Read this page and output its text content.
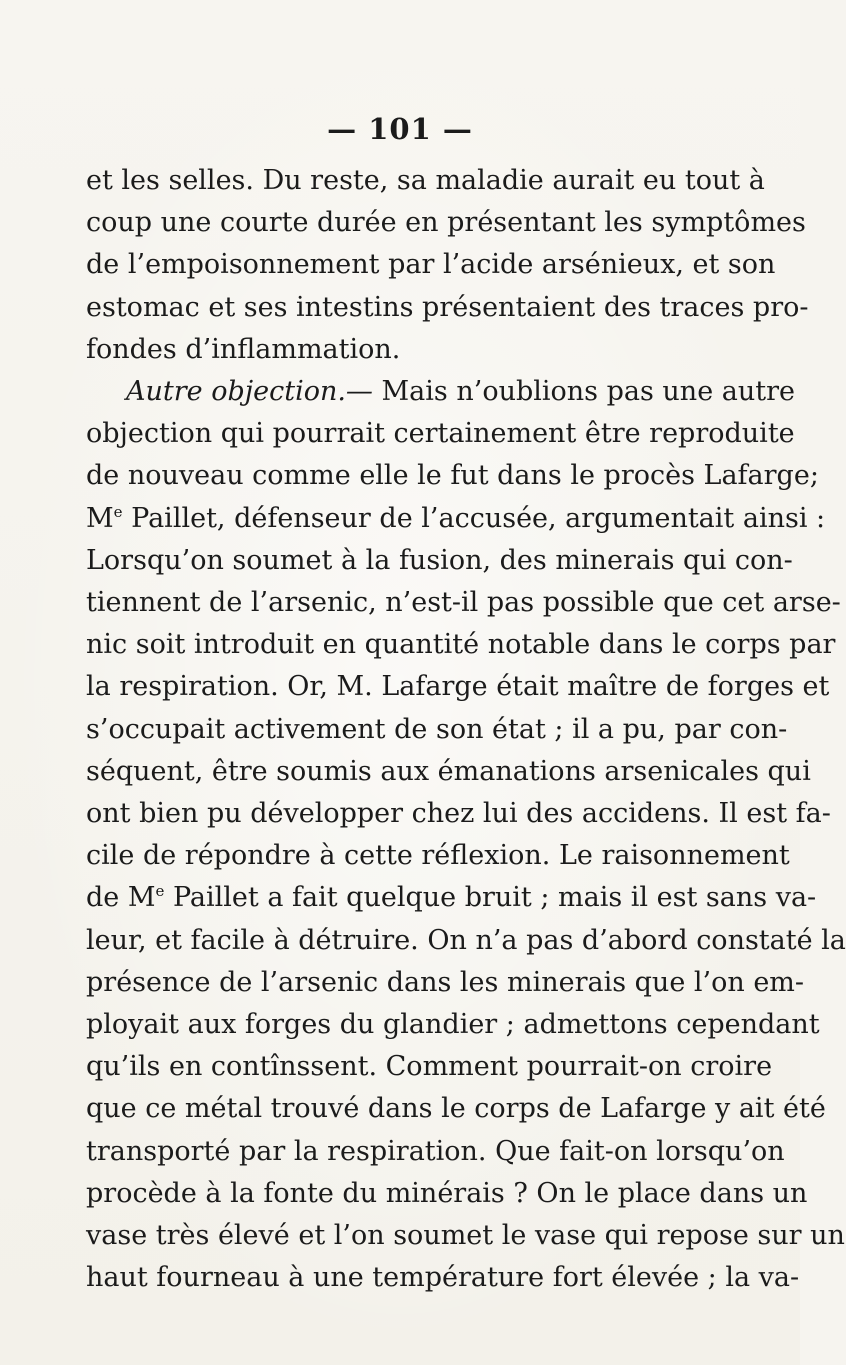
— 101 —
et les selles. Du reste, sa maladie aurait eu tout à
coup une courte durée en présentant les symptômes
de l’empoisonnement par l’acide arsénieux, et son
estomac et ses intestins présentaient des traces pro-
fondes d’inflammation.
Autre objection.— Mais n’oublions pas une autre
objection qui pourrait certainement être reproduite
de nouveau comme elle le fut dans le procès Lafarge;
Me Paillet, défenseur de l’accusée, argumentait ainsi :
Lorsqu’on soumet à la fusion, des minerais qui con-
tiennent de l’arsenic, n’est-il pas possible que cet arse-
nic soit introduit en quantité notable dans le corps par
la respiration. Or, M. Lafarge était maître de forges et
s’occupait activement de son état ; il a pu, par con-
séquent, être soumis aux émanations arsenicales qui
ont bien pu développer chez lui des accidens. Il est fa-
cile de répondre à cette réflexion. Le raisonnement
de Me Paillet a fait quelque bruit ; mais il est sans va-
leur, et facile à détruire. On n’a pas d’abord constaté la
présence de l’arsenic dans les minerais que l’on em-
ployait aux forges du glandier ; admettons cependant
qu’ils en contînssent. Comment pourrait-on croire
que ce métal trouvé dans le corps de Lafarge y ait été
transporté par la respiration. Que fait-on lorsqu’on
procède à la fonte du minérais ? On le place dans un
vase très élevé et l’on soumet le vase qui repose sur un
haut fourneau à une température fort élevée ; la va-
